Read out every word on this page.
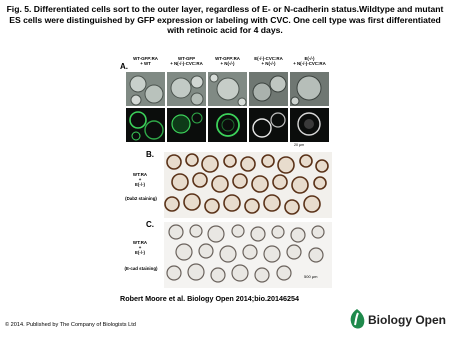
Fig. 5. Differentiated cells sort to the outer layer, regardless of E- or N-cadherin status.Wildtype and mutant ES cells were distinguished by GFP expression or labeling with CVC. One cell type was first differentiated with retinoic acid for 4 days.
A.
WT-GFP:RA
+ WT
WT-GFP
+ N(-/-)-CVC:RA
WT-GFP:RA
+ N(-/-)
E(-/-)-CVC:RA
+ N(-/-)
E(-/-)
+ N(-/-)-CVC:RA
20 µm
B.
WT:RA
+
E(-/-)
(Dab2 staining)
C.
WT:RA
+
E(-/-)
(E-cad staining)
500 µm
Robert Moore et al. Biology Open 2014;bio.20146254
© 2014. Published by The Company of Biologists Ltd	Biology Open
